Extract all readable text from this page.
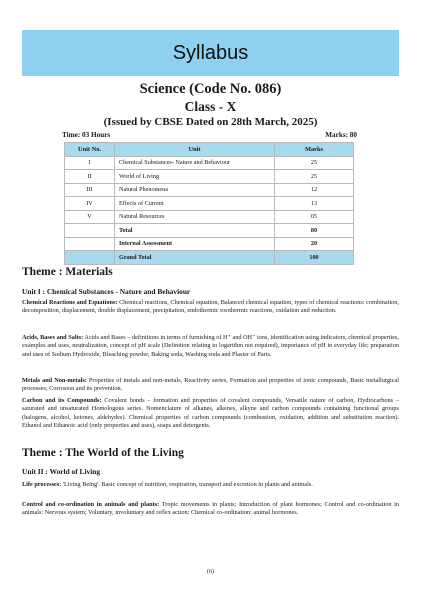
Syllabus
Science (Code No. 086)
Class - X
(Issued by CBSE Dated on 28th March, 2025)
Time: 03 Hours	Marks: 80
Unit No.	Unit	Marks
I	Chemical Substances- Nature and Behaviour	25
II	World of Living	25
III	Natural Phenomena	12
IV	Effects of Current	13
V	Natural Resources	05
	Total	80
	Internal Assessment	20
	Grand Total	100
Theme : Materials
Unit I : Chemical Substances - Nature and Behaviour

Chemical Reactions and Equations: Chemical reactions, Chemical equation, Balanced chemical equation, types of chemical reactions: combination, decomposition, displacement, double displacement, precipitation, endothermic exothermic reactions, oxidation and reduction.

Acids, Bases and Salts: Acids and Bases – definitions in terms of furnishing of H⁺ and OH⁻ ions, identification using indicators, chemical properties, examples and uses, neutralization, concept of pH scale (Definition relating to logarithm not required), importance of pH in everyday life; preparation and uses of Sodium Hydroxide, Bleaching powder, Baking soda, Washing soda and Plaster of Paris.

Metals and Non-metals: Properties of metals and non-metals, Reactivity series, Formation and properties of ionic compounds, Basic metallurgical processes; Corrosion and its prevention.

Carbon and its Compounds: Covalent bonds – formation and properties of covalent compounds, Versatile nature of carbon, Hydrocarbons – saturated and unsaturated Homologous series. Nomenclature of alkanes, alkenes, alkyne and carbon compounds containing functional groups (halogens, alcohol, ketones, aldehydes). Chemical properties of carbon compounds (combustion, oxidation, addition and substitution reaction). Ethanol and Ethanoic acid (only properties and uses), soaps and detergents.

Theme : The World of the Living
Unit II : World of Living

Life processes: 'Living Being'. Basic concept of nutrition, respiration, transport and excretion in plants and animals.

Control and co-ordination in animals and plants: Tropic movements in plants; Introduction of plant hormones; Control and co-ordination in animals: Nervous system; Voluntary, involuntary and reflex action; Chemical co-ordination: animal hormones.

(6)
